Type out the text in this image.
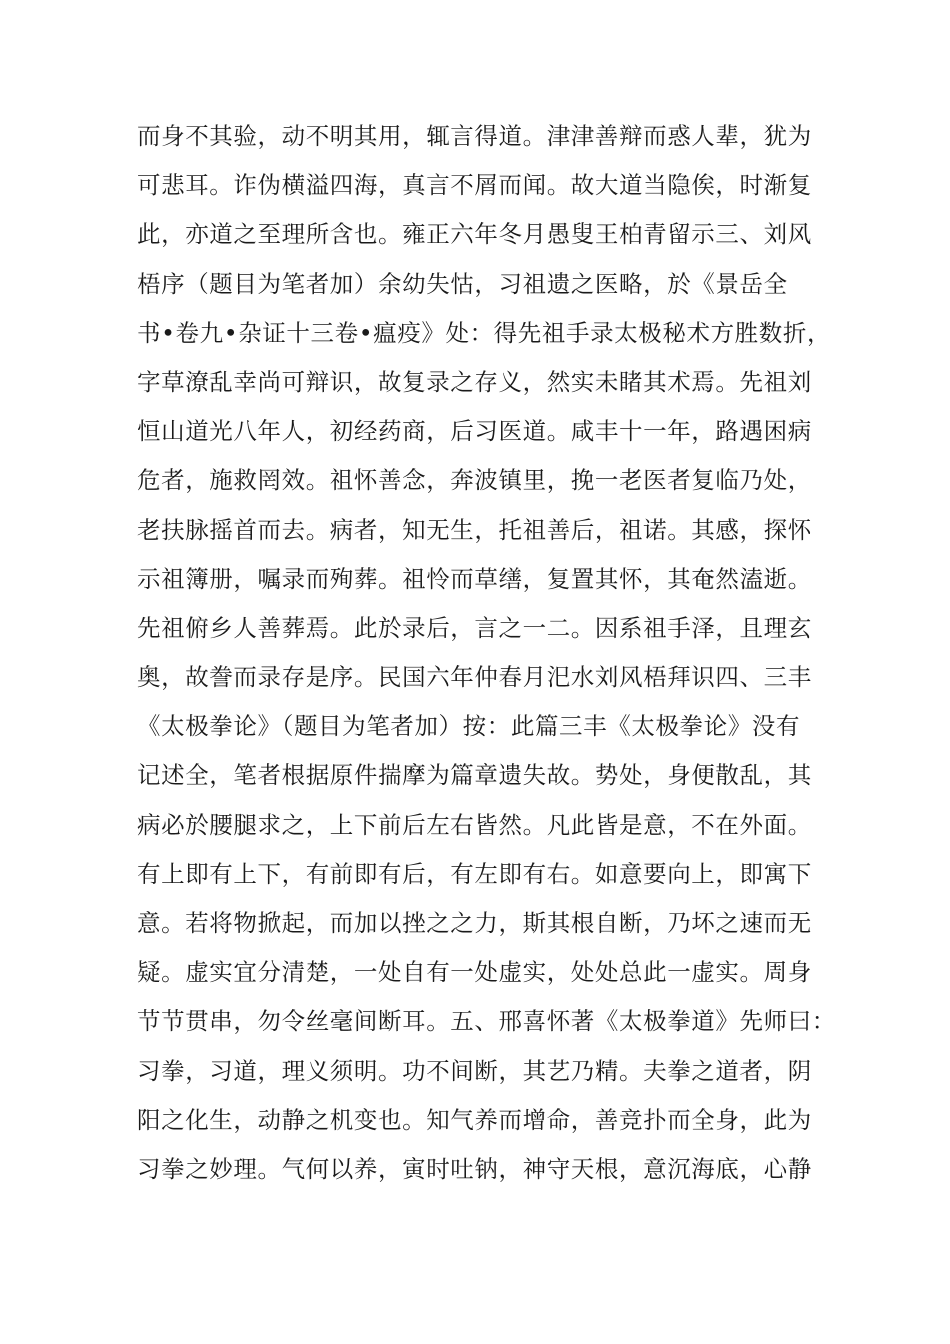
而身不其验，动不明其用，辄言得道。津津善辩而惑人辈，犹为
可悲耳。诈伪横溢四海，真言不屑而闻。故大道当隐俟，时渐复
此，亦道之至理所含也。雍正六年冬月愚叟王柏青留示三、刘风
梧序（题目为笔者加）余幼失怙，习祖遗之医略，於《景岳全
书•卷九•杂证十三卷•瘟疫》处：得先祖手录太极秘术方胜数折，
字草潦乱幸尚可辩识，故复录之存义，然实未睹其术焉。先祖刘
恒山道光八年人，初经药商，后习医道。咸丰十一年，路遇困病
危者，施救罔效。祖怀善念，奔波镇里，挽一老医者复临乃处，
老扶脉摇首而去。病者，知无生，托祖善后，祖诺。其感，探怀
示祖簿册，嘱录而殉葬。祖怜而草缮，复置其怀，其奄然溘逝。
先祖俯乡人善葬焉。此於录后，言之一二。因系祖手泽，且理玄
奥，故誊而录存是序。民国六年仲春月汜水刘风梧拜识四、三丰
《太极拳论》（题目为笔者加）按：此篇三丰《太极拳论》没有
记述全，笔者根据原件揣摩为篇章遗失故。势处，身便散乱，其
病必於腰腿求之，上下前后左右皆然。凡此皆是意，不在外面。
有上即有上下，有前即有后，有左即有右。如意要向上，即寓下
意。若将物掀起，而加以挫之之力，斯其根自断，乃坏之速而无
疑。虚实宜分清楚，一处自有一处虚实，处处总此一虚实。周身
节节贯串，勿令丝毫间断耳。五、邢喜怀著《太极拳道》先师曰：
习拳，习道，理义须明。功不间断，其艺乃精。夫拳之道者，阴
阳之化生，动静之机变也。知气养而增命，善竞扑而全身，此为
习拳之妙理。气何以养，寅时吐钠，神守天根，意沉海底，心静
